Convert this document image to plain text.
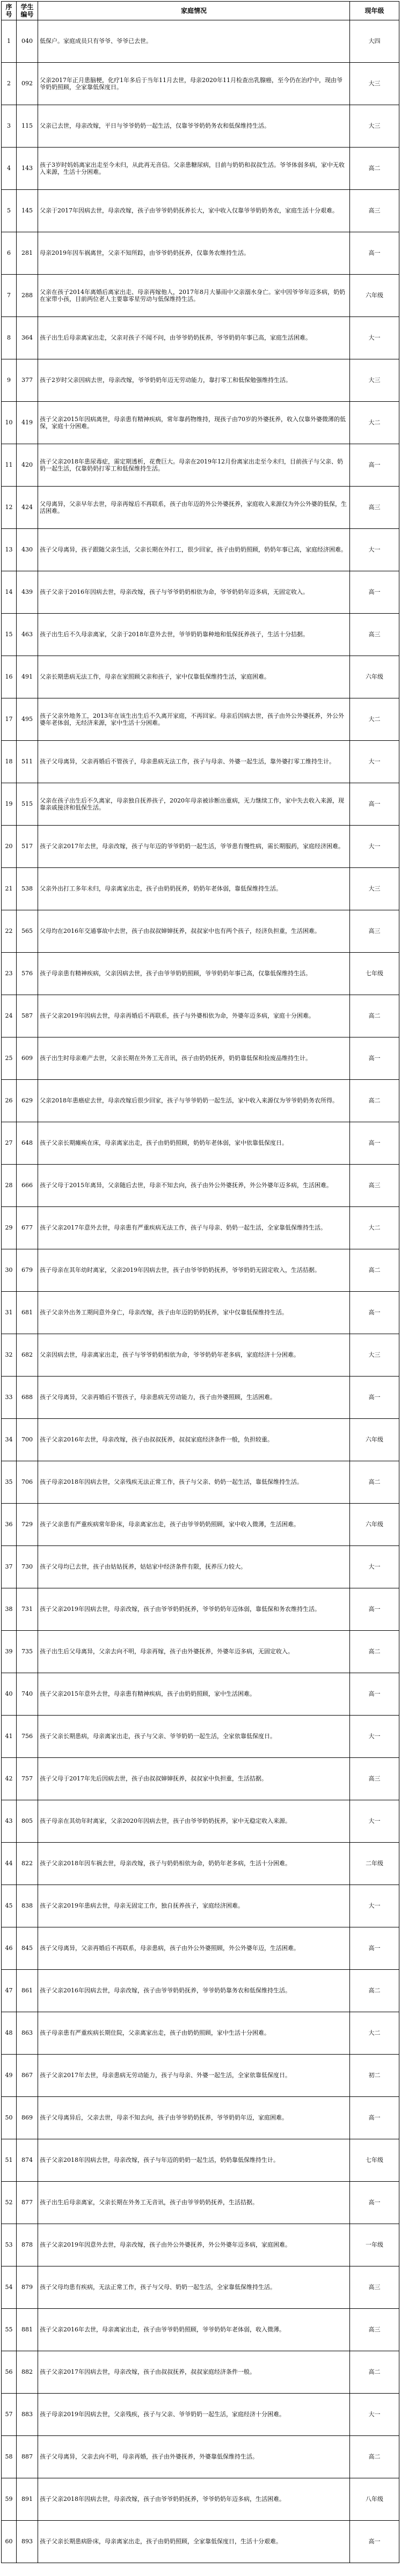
序号	学生编号	家庭情况	现年级
1	040	低保户。家庭成员只有爷爷、爷爷已去世。	大四
2	092	父亲2017年正月患脑梗，化疗1年多后于当年11月去世，母亲2020年11月检查出乳腺癌，至今仍在治疗中，现由爷爷奶奶照顾，全家靠低保度日。	大三
3	115	父亲已去世，母亲改嫁，平日与爷爷奶奶一起生活，仅靠爷爷奶奶务农和低保维持生活。	大三
4	143	孩子3岁时妈妈离家出走至今未归，从此再无音信。父亲患糖尿病，目前与奶奶和叔叔生活。爷爷体弱多病，家中无收入来源，生活十分困难。	高二
5	145	父亲于2017年因病去世，母亲改嫁，孩子由爷爷奶奶抚养长大，家中收入仅靠爷爷奶奶务农，家庭生活十分艰难。	高三
6	281	母亲2019年因车祸离世，父亲不知所踪，由爷爷奶奶抚养，仅靠务农维持生活。	高一
7	288	父亲在孩子2014年离婚后离家出走、母亲再嫁他人，2017年8月大暴雨中父亲溺水身亡。家中因爷爷年迈多病，奶奶在家带小孩，目前两位老人主要靠零星劳动与低保维持生活。	六年级
8	364	孩子出生后母亲离家出走，父亲对孩子不闻不问，由爷爷奶奶抚养，爷爷奶奶年事已高，家庭生活困难。	大一
9	377	孩子2岁时父亲因病去世，母亲改嫁，爷爷奶奶年迈无劳动能力，靠打零工和低保勉强维持生活。	大三
10	419	孩子父亲2015年因病离世，母亲患有精神疾病，常年靠药物维持，现孩子由70岁的外婆抚养，收入仅靠外婆微薄的低保，家庭十分困难。	大二
11	420	孩子父亲2018年患尿毒症，需定期透析，花费巨大。母亲在2019年12月份离家出走至今未归，目前孩子与父亲、奶奶一起生活，仅靠奶奶打零工和低保维持生活。	高一
12	424	父母离异，父亲早年去世，母亲再嫁后不再联系，孩子由年迈的外公外婆抚养，家庭收入来源仅为外公外婆的低保，生活困难。	高三
13	430	孩子父母离异，孩子跟随父亲生活，父亲长期在外打工，很少回家，孩子由奶奶照顾，奶奶年事已高，家庭经济困难。	大一
14	439	孩子父亲于2016年因病去世，母亲改嫁，孩子与爷爷奶奶相依为命，爷爷奶奶年迈多病，无固定收入。	高一
15	463	孩子出生后不久母亲离家，父亲于2018年意外去世，爷爷奶奶靠种地和低保抚养孩子，生活十分拮据。	高三
16	491	父亲长期患病无法工作，母亲在家照顾父亲和孩子，家中仅靠低保维持生活，家庭困难。	六年级
17	495	孩子父亲外地务工，2013年在该生出生后不久离开家庭，不再回家。母亲后因病去世，孩子由外公外婆抚养，外公外婆年老体弱，无经济来源，家中生活十分困难。	大二
18	511	孩子父母离异，父亲再婚后不管孩子，母亲患病无法工作，孩子与母亲、外婆一起生活，靠外婆打零工维持生计。	大一
19	515	父亲在孩子出生后不久离家，母亲独自抚养孩子，2020年母亲被诊断出重病，无力继续工作，家中失去收入来源，现靠亲戚接济和低保生活。	高一
20	517	孩子父亲2017年去世，母亲改嫁，孩子与年迈的爷爷奶奶一起生活，爷爷患有慢性病，需长期服药，家庭经济困难。	大一
21	538	父亲外出打工多年未归，母亲离家出走，孩子由奶奶抚养，奶奶年老体弱，靠低保维持生活。	大三
22	565	父母均在2016年交通事故中去世，孩子由叔叔婶婶抚养，叔叔家中也有两个孩子，经济负担重，生活困难。	高三
23	576	孩子母亲患有精神疾病，父亲因病去世，孩子由爷爷奶奶照顾，爷爷奶奶年事已高，仅靠低保维持生活。	七年级
24	587	孩子父亲2019年因病去世，母亲再婚后不再联系，孩子与外婆相依为命，外婆年迈多病，家庭十分困难。	高二
25	609	孩子出生时母亲难产去世，父亲长期在外务工无音讯，孩子由奶奶抚养，奶奶靠低保和捡废品维持生计。	高一
26	629	父亲2018年患癌症去世，母亲改嫁后很少回家，孩子与爷爷奶奶一起生活，家中收入来源仅为爷爷奶奶务农所得。	高二
27	648	孩子父亲长期瘫痪在床，母亲离家出走，孩子由奶奶照顾，奶奶年老体弱，家中依靠低保度日。	高一
28	666	孩子父母于2015年离异，父亲随后去世，母亲不知去向，孩子由外公外婆抚养，外公外婆年迈多病，生活困难。	高三
29	677	孩子父亲2017年意外去世，母亲患有严重疾病无法工作，孩子与母亲、奶奶一起生活，全家靠低保维持生活。	大二
30	679	孩子母亲在其年幼时离家，父亲2019年因病去世，孩子由爷爷奶奶抚养，爷爷奶奶无固定收入，生活拮据。	高二
31	681	孩子父亲外出务工期间意外身亡，母亲改嫁，孩子由年迈的奶奶抚养，家中仅靠低保维持生活。	高一
32	682	父亲因病去世，母亲离家出走，孩子与爷爷奶奶相依为命，爷爷奶奶年老多病，家庭经济十分困难。	大三
33	688	孩子父母离异，父亲再婚后不管孩子，母亲患病无劳动能力，孩子由外婆照顾，生活困难。	高一
34	700	孩子父亲2016年去世，母亲改嫁，孩子由叔叔抚养，叔叔家庭经济条件一般，负担较重。	六年级
35	706	孩子母亲2018年因病去世，父亲残疾无法正常工作，孩子与父亲、奶奶一起生活，靠低保维持生活。	高二
36	729	孩子父亲患有严重疾病常年卧床，母亲离家出走，孩子由爷爷奶奶照顾，家中收入微薄，生活困难。	六年级
37	730	孩子父母均已去世，孩子由姑姑抚养，姑姑家中经济条件有限，抚养压力较大。	大一
38	731	孩子父亲2019年因病去世，母亲改嫁，孩子由爷爷奶奶抚养，爷爷奶奶年迈体弱，靠低保和务农维持生活。	高一
39	735	孩子出生后父母离异，父亲去向不明，母亲再嫁，孩子由外婆抚养，外婆年迈多病，无固定收入。	高二
40	740	孩子父亲2015年意外去世，母亲患有精神疾病，孩子由奶奶照顾，家中生活困难。	高一
41	756	孩子父亲长期患病，母亲离家出走，孩子与父亲、爷爷奶奶一起生活，全家依靠低保度日。	大一
42	757	孩子父母于2017年先后因病去世，孩子由叔叔婶婶抚养，叔叔家中负担重，生活拮据。	高三
43	805	孩子母亲在其幼年时离家，父亲2020年因病去世，孩子由爷爷奶奶抚养，家中无稳定收入来源。	大一
44	822	孩子父亲2018年因车祸去世，母亲改嫁，孩子与奶奶相依为命，奶奶年老多病，生活十分困难。	二年级
45	838	孩子父亲2019年患病去世，母亲无固定工作，独自抚养孩子，家庭经济困难。	大一
46	845	孩子父母离异，父亲再婚后不再联系，母亲患病，孩子由外公外婆照顾，外公外婆年迈，生活困难。	高一
47	861	孩子父亲2016年因病去世，母亲改嫁，孩子由爷爷奶奶抚养，爷爷奶奶靠务农和低保维持生活。	高二
48	863	孩子母亲患有严重疾病长期住院，父亲离家出走，孩子由奶奶照顾，家中生活十分困难。	大二
49	867	孩子父亲2017年去世，母亲患病无劳动能力，孩子与母亲、外婆一起生活，全家依靠低保度日。	初二
50	869	孩子父母离异后，父亲去世，母亲不知去向，孩子由爷爷奶奶抚养，爷爷奶奶年迈，家庭困难。	高一
51	874	孩子父亲2018年因病去世，母亲改嫁，孩子与年迈的奶奶一起生活，奶奶靠低保维持生计。	七年级
52	877	孩子出生后母亲离家，父亲长期在外务工无音讯，孩子由爷爷奶奶抚养，生活拮据。	高一
53	878	孩子父亲2019年因意外去世，母亲改嫁，孩子由外公外婆抚养，外公外婆年迈多病，家庭困难。	一年级
54	879	孩子父母均患有疾病，无法正常工作，孩子与父母、奶奶一起生活，全家靠低保维持生活。	高三
55	881	孩子父亲2016年去世，母亲离家出走，孩子由爷爷奶奶照顾，爷爷奶奶年老体弱，收入微薄。	高三
56	882	孩子父亲2017年因病去世，母亲改嫁，孩子由叔叔抚养，叔叔家庭经济条件一般。	高二
57	883	孩子母亲2019年因病去世，父亲残疾，孩子与父亲、爷爷奶奶一起生活，家庭经济十分困难。	大一
58	887	孩子父母离异，父亲去向不明，母亲再婚，孩子由外婆抚养，外婆靠低保维持生活。	高二
59	891	孩子父亲2018年因病去世，母亲改嫁，孩子由爷爷奶奶抚养，爷爷奶奶年迈多病，生活困难。	八年级
60	893	孩子父亲长期患病卧床，母亲离家出走，孩子由奶奶照顾，全家靠低保度日，生活十分艰难。	高一
